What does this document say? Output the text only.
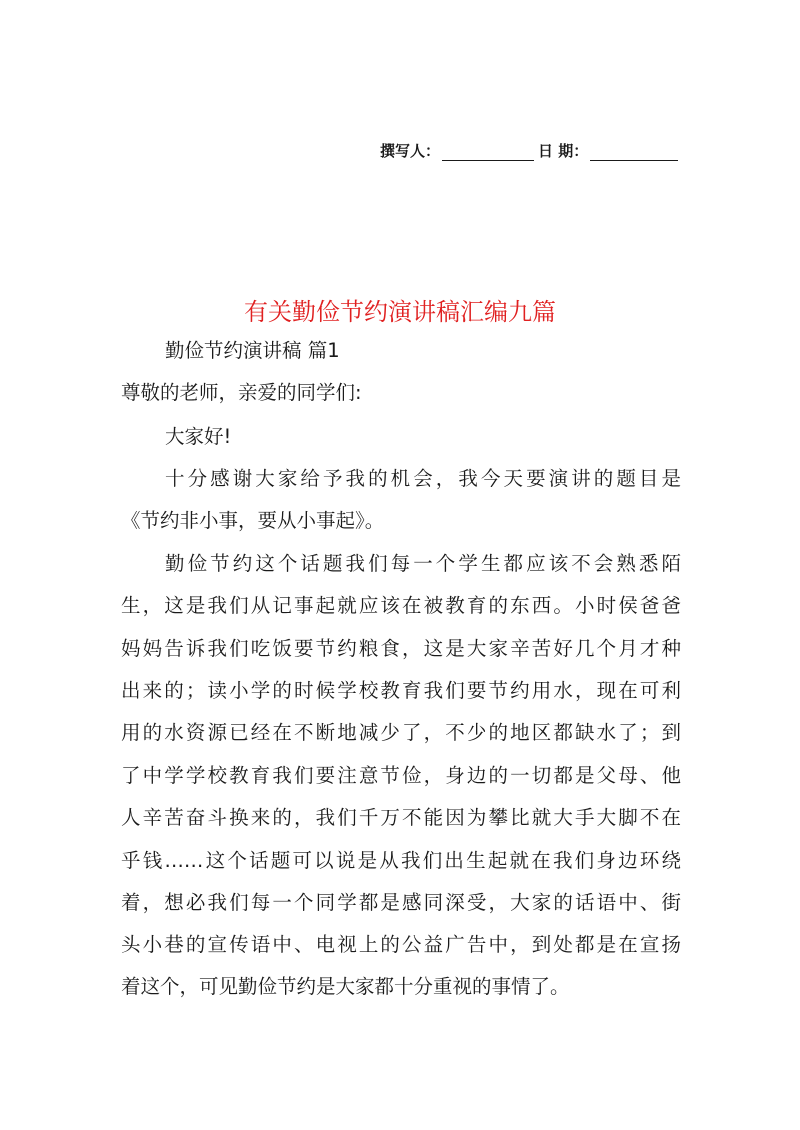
撰写人：	日 期：
有关勤俭节约演讲稿汇编九篇
勤俭节约演讲稿 篇1
尊敬的老师，亲爱的同学们:
大家好!
十分感谢大家给予我的机会，我今天要演讲的题目是
《节约非小事，要从小事起》。
勤俭节约这个话题我们每一个学生都应该不会熟悉陌
生，这是我们从记事起就应该在被教育的东西。小时侯爸爸
妈妈告诉我们吃饭要节约粮食，这是大家辛苦好几个月才种
出来的；读小学的时候学校教育我们要节约用水，现在可利
用的水资源已经在不断地减少了，不少的地区都缺水了；到
了中学学校教育我们要注意节俭，身边的一切都是父母、他
人辛苦奋斗换来的，我们千万不能因为攀比就大手大脚不在
乎钱……这个话题可以说是从我们出生起就在我们身边环绕
着，想必我们每一个同学都是感同深受，大家的话语中、街
头小巷的宣传语中、电视上的公益广告中，到处都是在宣扬
着这个，可见勤俭节约是大家都十分重视的事情了。
